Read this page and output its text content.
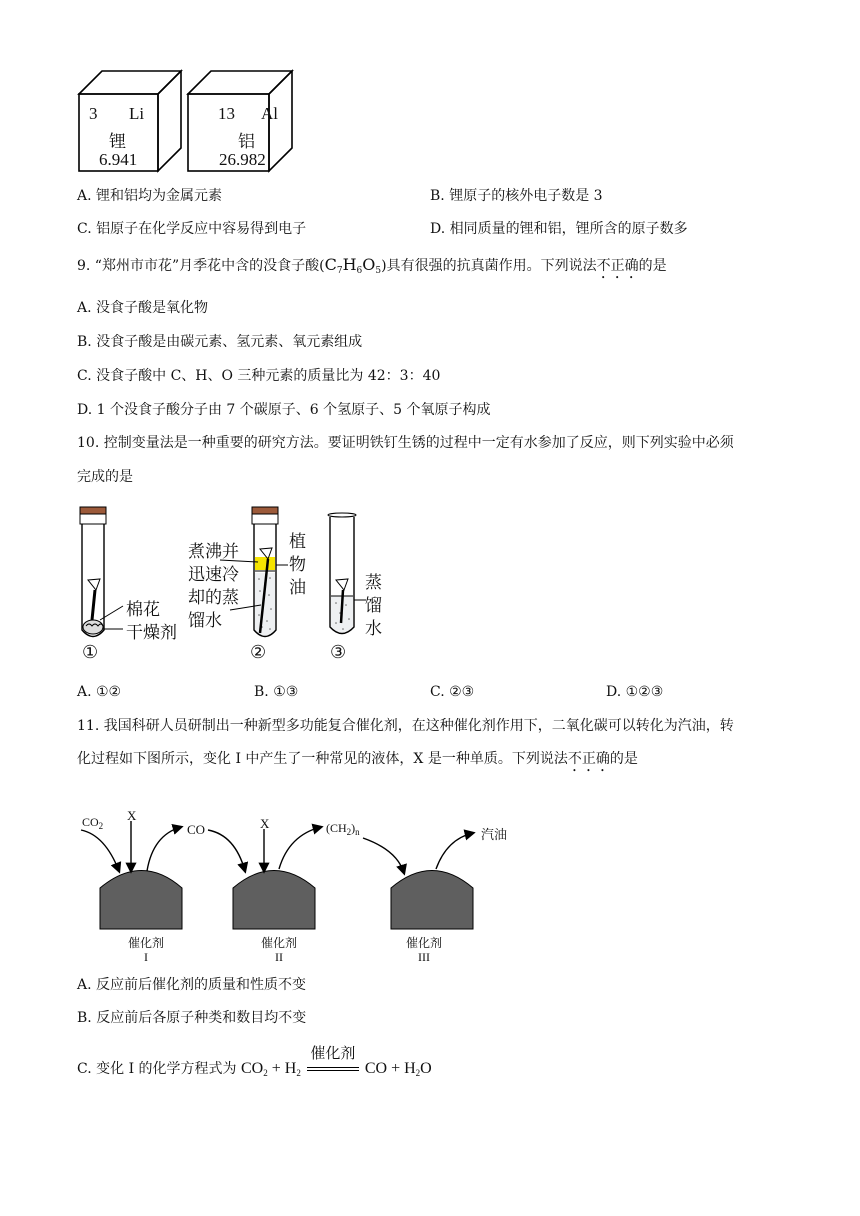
3 Li
锂
6.941
13 Al
铝
26.982
A. 锂和铝均为金属元素	B. 锂原子的核外电子数是 3
C. 铝原子在化学反应中容易得到电子	D. 相同质量的锂和铝，锂所含的原子数多
9. “郑州市市花”月季花中含的没食子酸$(C_7H_6O_5)$具有很强的抗真菌作用。下列说法不正确的是
A. 没食子酸是氧化物
B. 没食子酸是由碳元素、氢元素、氧元素组成
C. 没食子酸中 C、H、O 三种元素的质量比为 42：3：40
D. 1 个没食子酸分子由 7 个碳原子、6 个氢原子、5 个氧原子构成
10. 控制变量法是一种重要的研究方法。要证明铁钉生锈的过程中一定有水参加了反应，则下列实验中必须
完成的是
棉花
干燥剂
①
煮沸并
迅速冷
却的蒸
馏水
植
物
油
②
蒸
馏
水
③
A. ①②	B. ①③	C. ②③	D. ①②③
11. 我国科研人员研制出一种新型多功能复合催化剂，在这种催化剂作用下，二氧化碳可以转化为汽油，转
化过程如下图所示，变化 I 中产生了一种常见的液体，X 是一种单质。下列说法不正确的是
$CO_2$
X
CO	X	$(CH_2)_n$	汽油
催化剂
I
催化剂
II
催化剂
III
A. 反应前后催化剂的质量和性质不变
B. 反应前后各原子种类和数目均不变
C. 变化 I 的化学方程式为 $CO_2 + H_2$
催化剂
CO + $H_2O$
